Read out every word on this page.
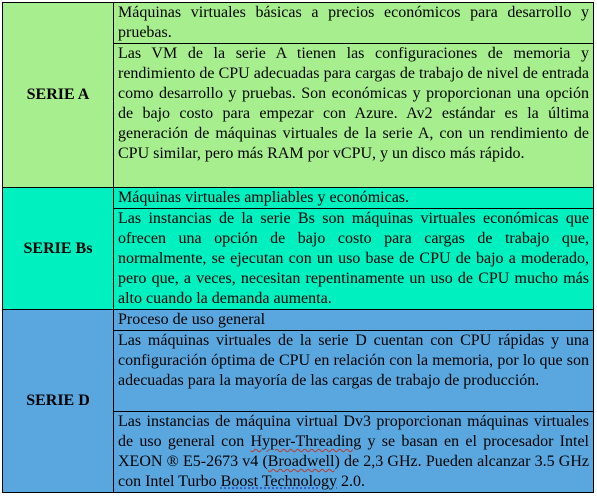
SERIE A	Máquinas virtuales básicas a precios económicos para desarrollo y pruebas.
	Las VM de la serie A tienen las configuraciones de memoria y rendimiento de CPU adecuadas para cargas de trabajo de nivel de entrada como desarrollo y pruebas. Son económicas y proporcionan una opción de bajo costo para empezar con Azure. Av2 estándar es la última generación de máquinas virtuales de la serie A, con un rendimiento de CPU similar, pero más RAM por vCPU, y un disco más rápido.
SERIE Bs	Máquinas virtuales ampliables y económicas.
	Las instancias de la serie Bs son máquinas virtuales económicas que ofrecen una opción de bajo costo para cargas de trabajo que, normalmente, se ejecutan con un uso base de CPU de bajo a moderado, pero que, a veces, necesitan repentinamente un uso de CPU mucho más alto cuando la demanda aumenta.
SERIE D	Proceso de uso general
	Las máquinas virtuales de la serie D cuentan con CPU rápidas y una configuración óptima de CPU en relación con la memoria, por lo que son adecuadas para la mayoría de las cargas de trabajo de producción.
	Las instancias de máquina virtual Dv3 proporcionan máquinas virtuales de uso general con Hyper-Threading y se basan en el procesador Intel XEON ® E5-2673 v4 (Broadwell) de 2,3 GHz. Pueden alcanzar 3.5 GHz con Intel Turbo Boost Technology 2.0.
